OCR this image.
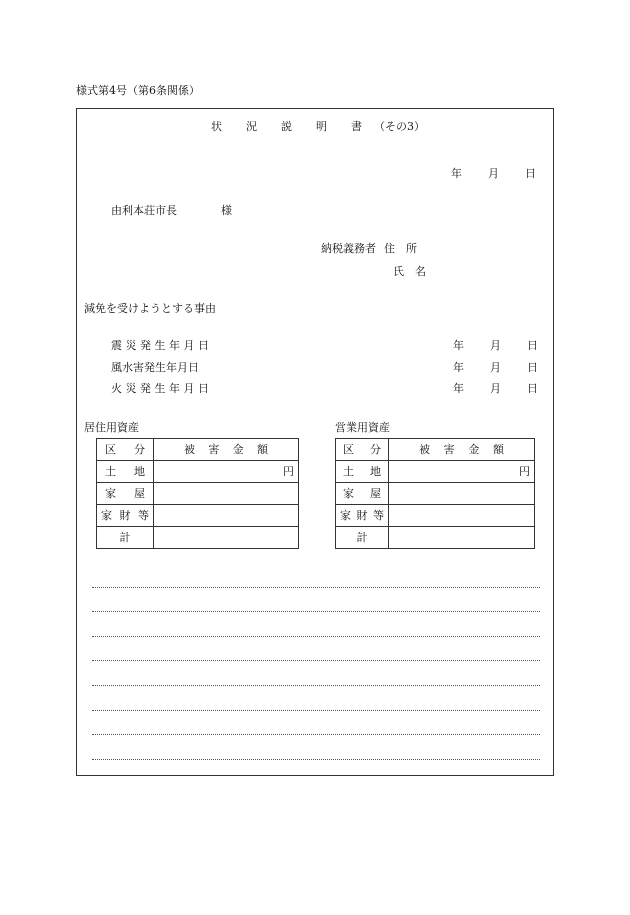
様式第4号（第6条関係）
状 況 説 明 書 （その3）
年 月 日
由利本荘市長	様
納税義務者 住　所
氏　名
減免を受けようとする事由
震 災 発 生 年 月 日	年 月 日
風水害発生年月日	年 月 日
火 災 発 生 年 月 日	年 月 日
居住用資産	営業用資産
区 分	被 害 金 額

土 地	円

家 屋	

家 財 等	

計	
区 分	被 害 金 額

土 地	円

家 屋	

家 財 等	

計	
